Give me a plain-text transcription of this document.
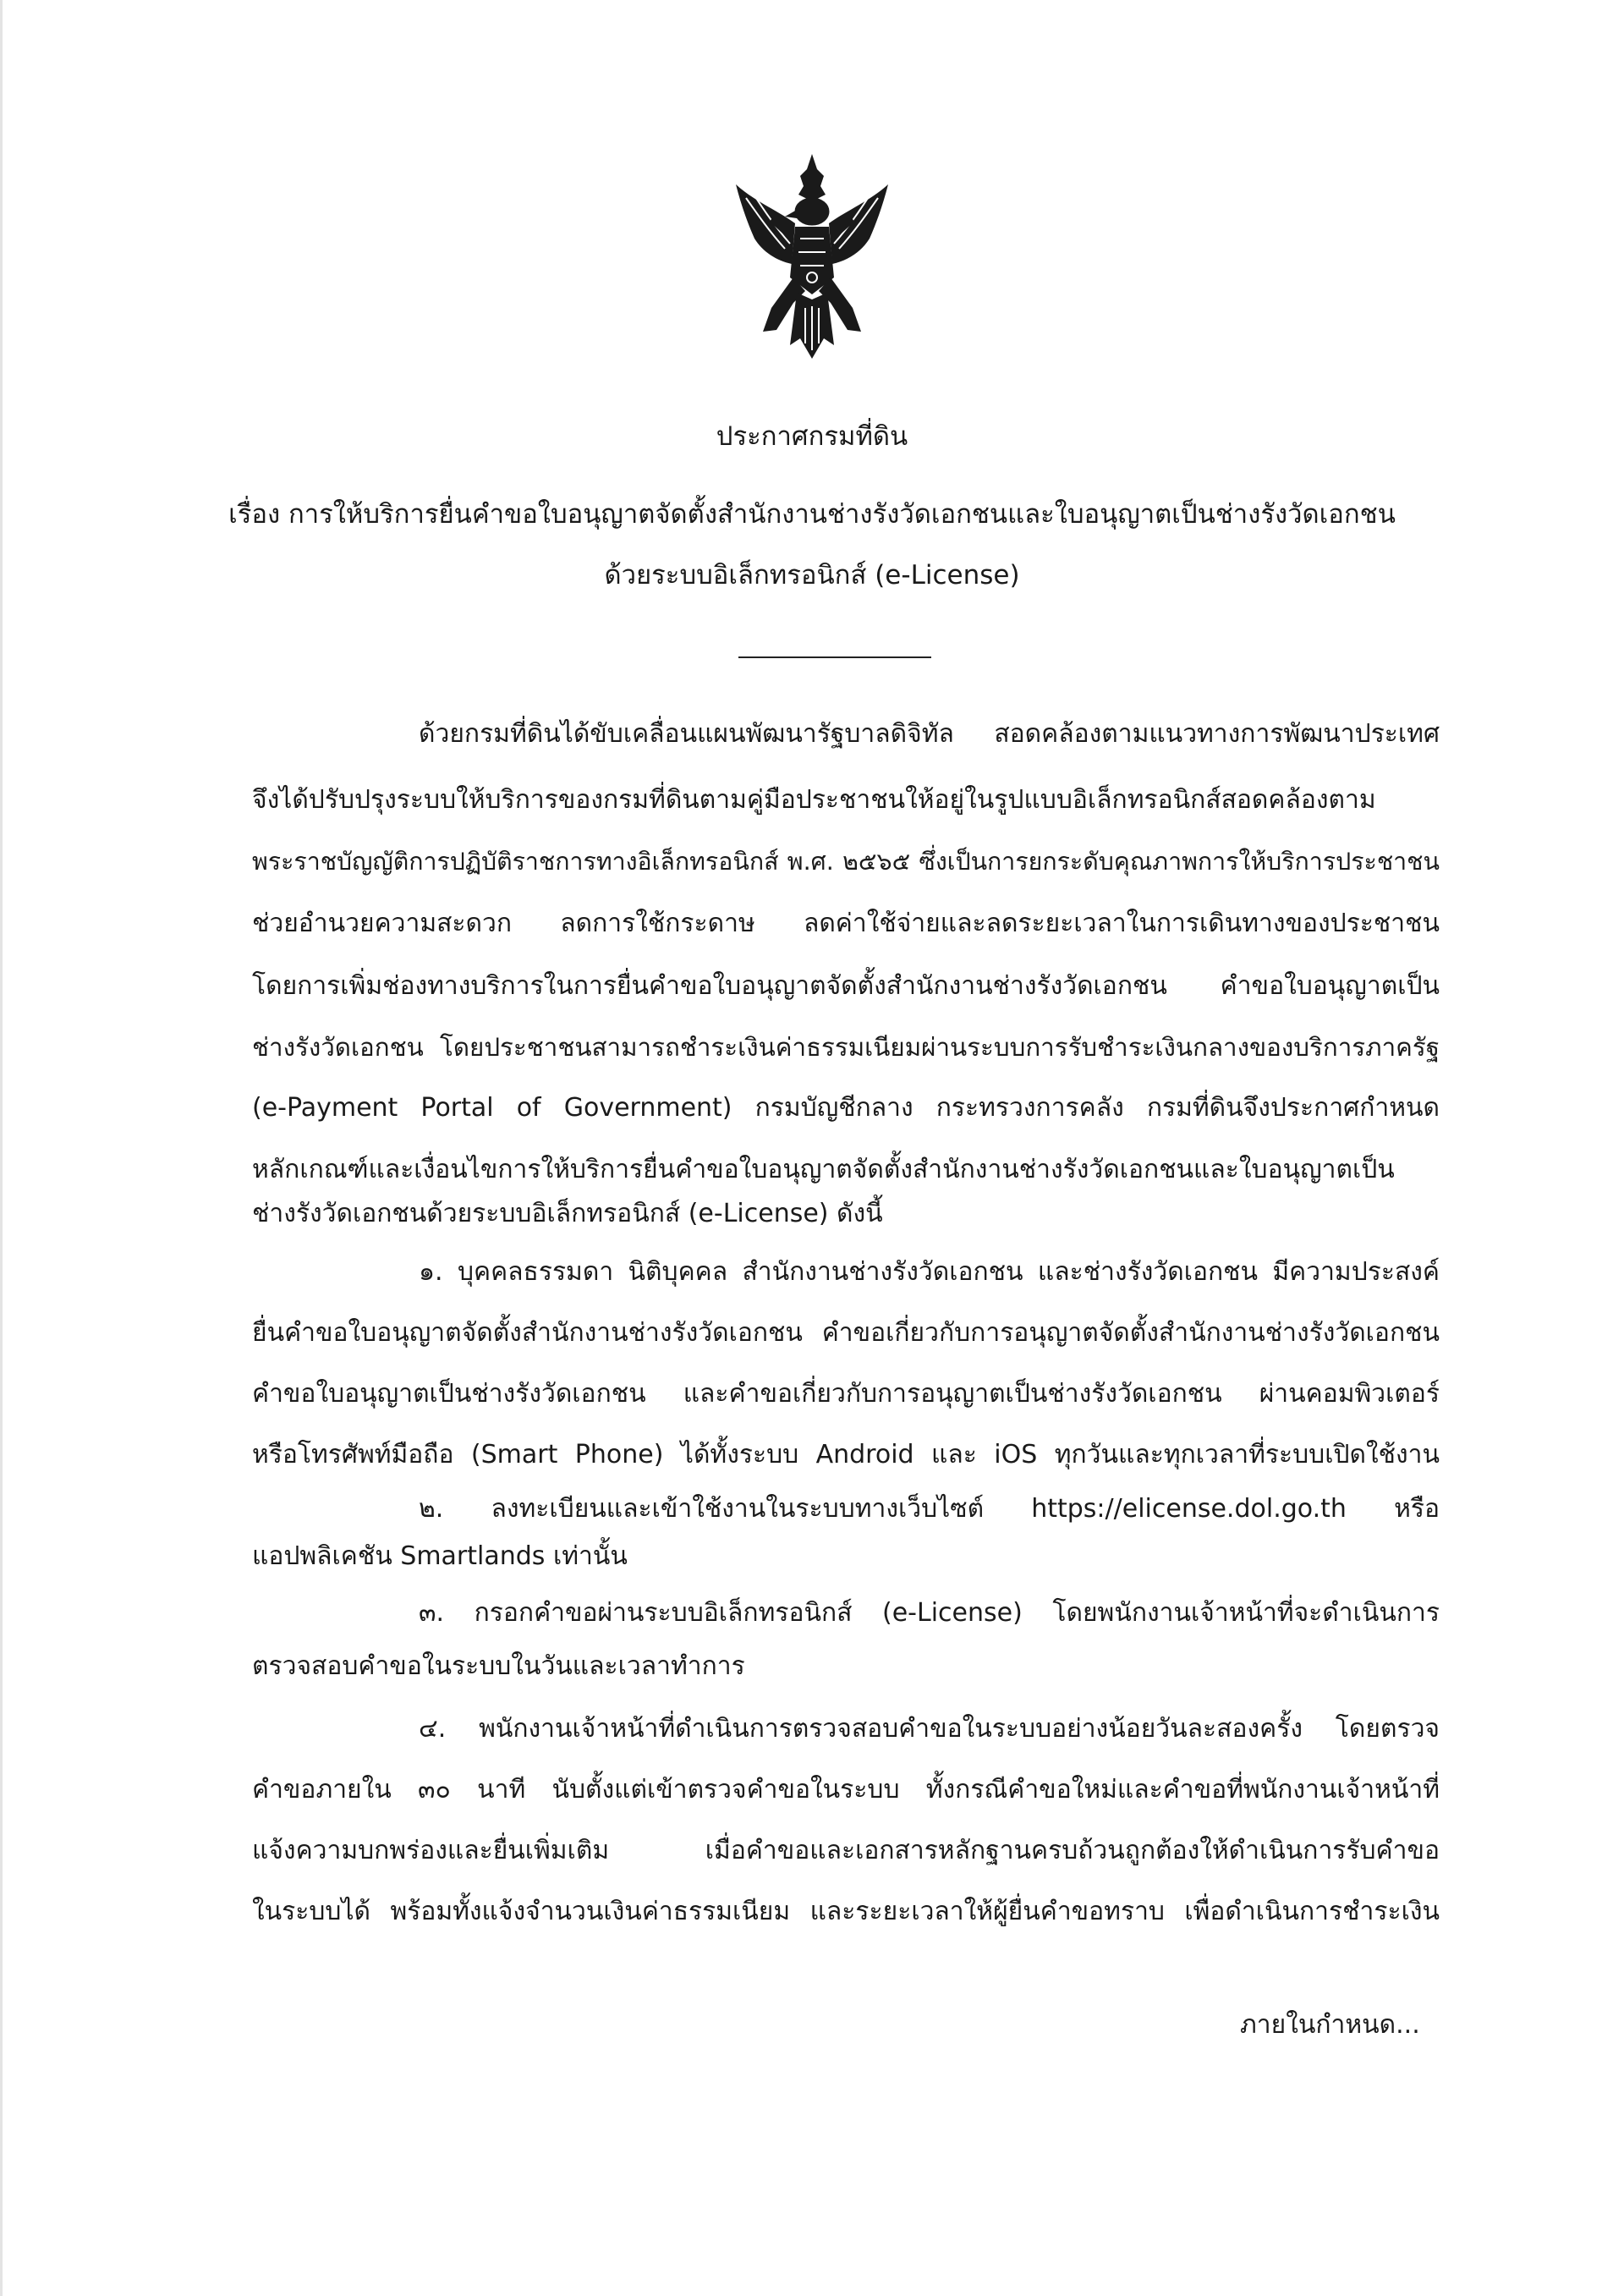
ประกาศกรมที่ดิน
เรื่อง การให้บริการยื่นคำขอใบอนุญาตจัดตั้งสำนักงานช่างรังวัดเอกชนและใบอนุญาตเป็นช่างรังวัดเอกชน
ด้วยระบบอิเล็กทรอนิกส์ (e-License)
ด้วยกรมที่ดินได้ขับเคลื่อนแผนพัฒนารัฐบาลดิจิทัล สอดคล้องตามแนวทางการพัฒนาประเทศ
จึงได้ปรับปรุงระบบให้บริการของกรมที่ดินตามคู่มือประชาชนให้อยู่ในรูปแบบอิเล็กทรอนิกส์สอดคล้องตาม
พระราชบัญญัติการปฏิบัติราชการทางอิเล็กทรอนิกส์ พ.ศ. ๒๕๖๕ ซึ่งเป็นการยกระดับคุณภาพการให้บริการประชาชน
ช่วยอำนวยความสะดวก ลดการใช้กระดาษ ลดค่าใช้จ่ายและลดระยะเวลาในการเดินทางของประชาชน
โดยการเพิ่มช่องทางบริการในการยื่นคำขอใบอนุญาตจัดตั้งสำนักงานช่างรังวัดเอกชน คำขอใบอนุญาตเป็น
ช่างรังวัดเอกชน โดยประชาชนสามารถชำระเงินค่าธรรมเนียมผ่านระบบการรับชำระเงินกลางของบริการภาครัฐ
(e-Payment Portal of Government) กรมบัญชีกลาง กระทรวงการคลัง กรมที่ดินจึงประกาศกำหนด
หลักเกณฑ์และเงื่อนไขการให้บริการยื่นคำขอใบอนุญาตจัดตั้งสำนักงานช่างรังวัดเอกชนและใบอนุญาตเป็น
ช่างรังวัดเอกชนด้วยระบบอิเล็กทรอนิกส์ (e-License) ดังนี้
๑. บุคคลธรรมดา นิติบุคคล สำนักงานช่างรังวัดเอกชน และช่างรังวัดเอกชน มีความประสงค์
ยื่นคำขอใบอนุญาตจัดตั้งสำนักงานช่างรังวัดเอกชน คำขอเกี่ยวกับการอนุญาตจัดตั้งสำนักงานช่างรังวัดเอกชน
คำขอใบอนุญาตเป็นช่างรังวัดเอกชน และคำขอเกี่ยวกับการอนุญาตเป็นช่างรังวัดเอกชน ผ่านคอมพิวเตอร์
หรือโทรศัพท์มือถือ (Smart Phone) ได้ทั้งระบบ Android และ iOS ทุกวันและทุกเวลาที่ระบบเปิดใช้งาน
๒. ลงทะเบียนและเข้าใช้งานในระบบทางเว็บไซต์ https://elicense.dol.go.th หรือ
แอปพลิเคชัน Smartlands เท่านั้น
๓. กรอกคำขอผ่านระบบอิเล็กทรอนิกส์ (e-License) โดยพนักงานเจ้าหน้าที่จะดำเนินการ
ตรวจสอบคำขอในระบบในวันและเวลาทำการ
๔. พนักงานเจ้าหน้าที่ดำเนินการตรวจสอบคำขอในระบบอย่างน้อยวันละสองครั้ง โดยตรวจ
คำขอภายใน ๓๐ นาที นับตั้งแต่เข้าตรวจคำขอในระบบ ทั้งกรณีคำขอใหม่และคำขอที่พนักงานเจ้าหน้าที่
แจ้งความบกพร่องและยื่นเพิ่มเติม เมื่อคำขอและเอกสารหลักฐานครบถ้วนถูกต้องให้ดำเนินการรับคำขอ
ในระบบได้ พร้อมทั้งแจ้งจำนวนเงินค่าธรรมเนียม และระยะเวลาให้ผู้ยื่นคำขอทราบ เพื่อดำเนินการชำระเงิน
ภายในกำหนด...
